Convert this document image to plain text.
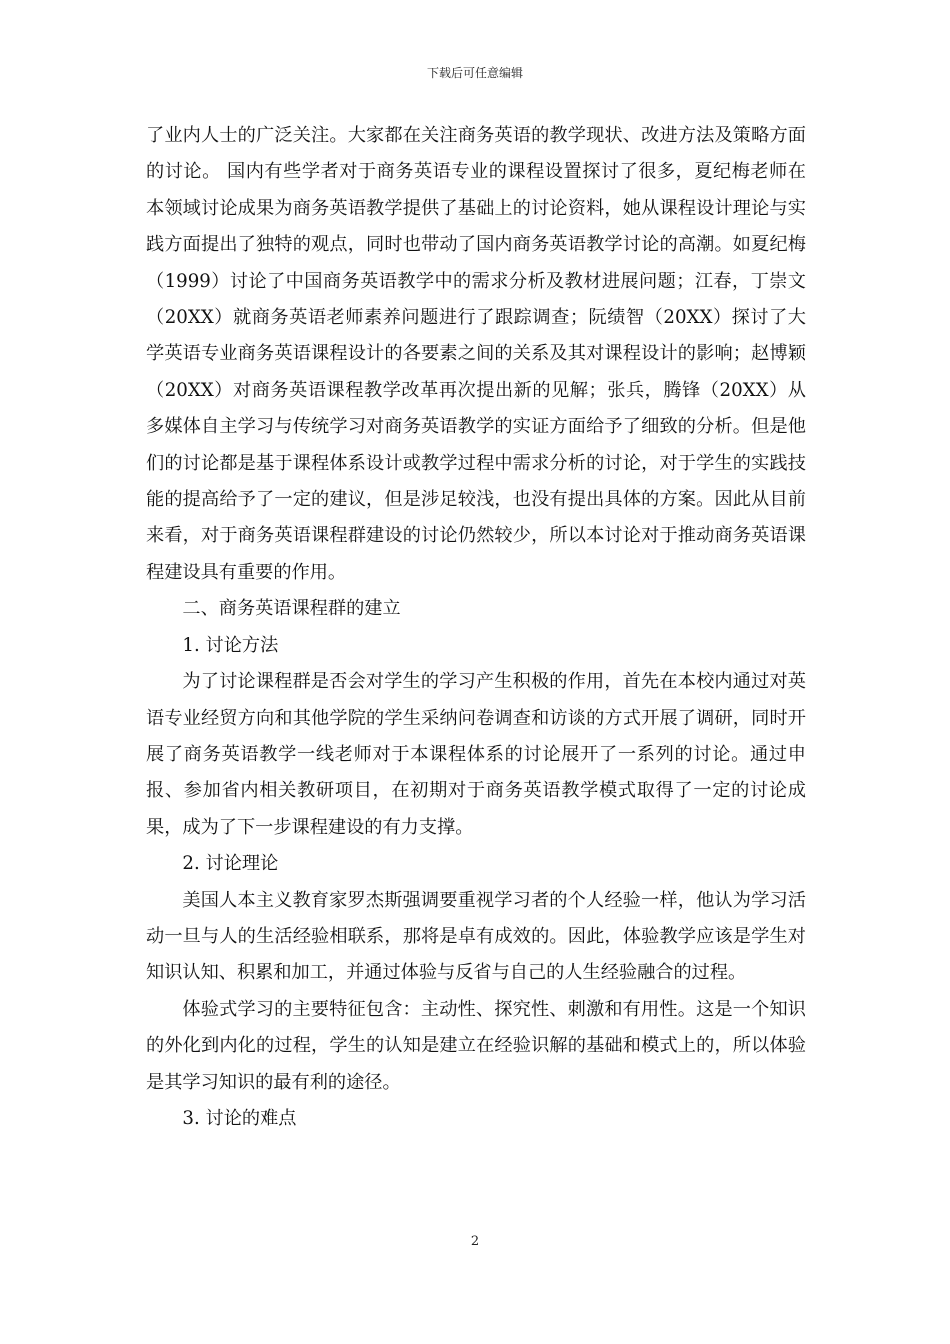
下载后可任意编辑

了业内人士的广泛关注。大家都在关注商务英语的教学现状、改进方法及策略方面的讨论。 国内有些学者对于商务英语专业的课程设置探讨了很多，夏纪梅老师在本领域讨论成果为商务英语教学提供了基础上的讨论资料，她从课程设计理论与实践方面提出了独特的观点，同时也带动了国内商务英语教学讨论的高潮。如夏纪梅（1999）讨论了中国商务英语教学中的需求分析及教材进展问题；江春，丁崇文（20XX）就商务英语老师素养问题进行了跟踪调查；阮绩智（20XX）探讨了大学英语专业商务英语课程设计的各要素之间的关系及其对课程设计的影响；赵博颖（20XX）对商务英语课程教学改革再次提出新的见解；张兵，腾锋（20XX）从多媒体自主学习与传统学习对商务英语教学的实证方面给予了细致的分析。但是他们的讨论都是基于课程体系设计或教学过程中需求分析的讨论，对于学生的实践技能的提高给予了一定的建议，但是涉足较浅，也没有提出具体的方案。因此从目前来看，对于商务英语课程群建设的讨论仍然较少，所以本讨论对于推动商务英语课程建设具有重要的作用。

二、商务英语课程群的建立

1. 讨论方法

为了讨论课程群是否会对学生的学习产生积极的作用，首先在本校内通过对英语专业经贸方向和其他学院的学生采纳问卷调查和访谈的方式开展了调研，同时开展了商务英语教学一线老师对于本课程体系的讨论展开了一系列的讨论。通过申报、参加省内相关教研项目，在初期对于商务英语教学模式取得了一定的讨论成果，成为了下一步课程建设的有力支撑。

2. 讨论理论

美国人本主义教育家罗杰斯强调要重视学习者的个人经验一样，他认为学习活动一旦与人的生活经验相联系，那将是卓有成效的。因此，体验教学应该是学生对知识认知、积累和加工，并通过体验与反省与自己的人生经验融合的过程。

体验式学习的主要特征包含：主动性、探究性、刺激和有用性。这是一个知识的外化到内化的过程，学生的认知是建立在经验识解的基础和模式上的，所以体验是其学习知识的最有利的途径。

3. 讨论的难点

2
